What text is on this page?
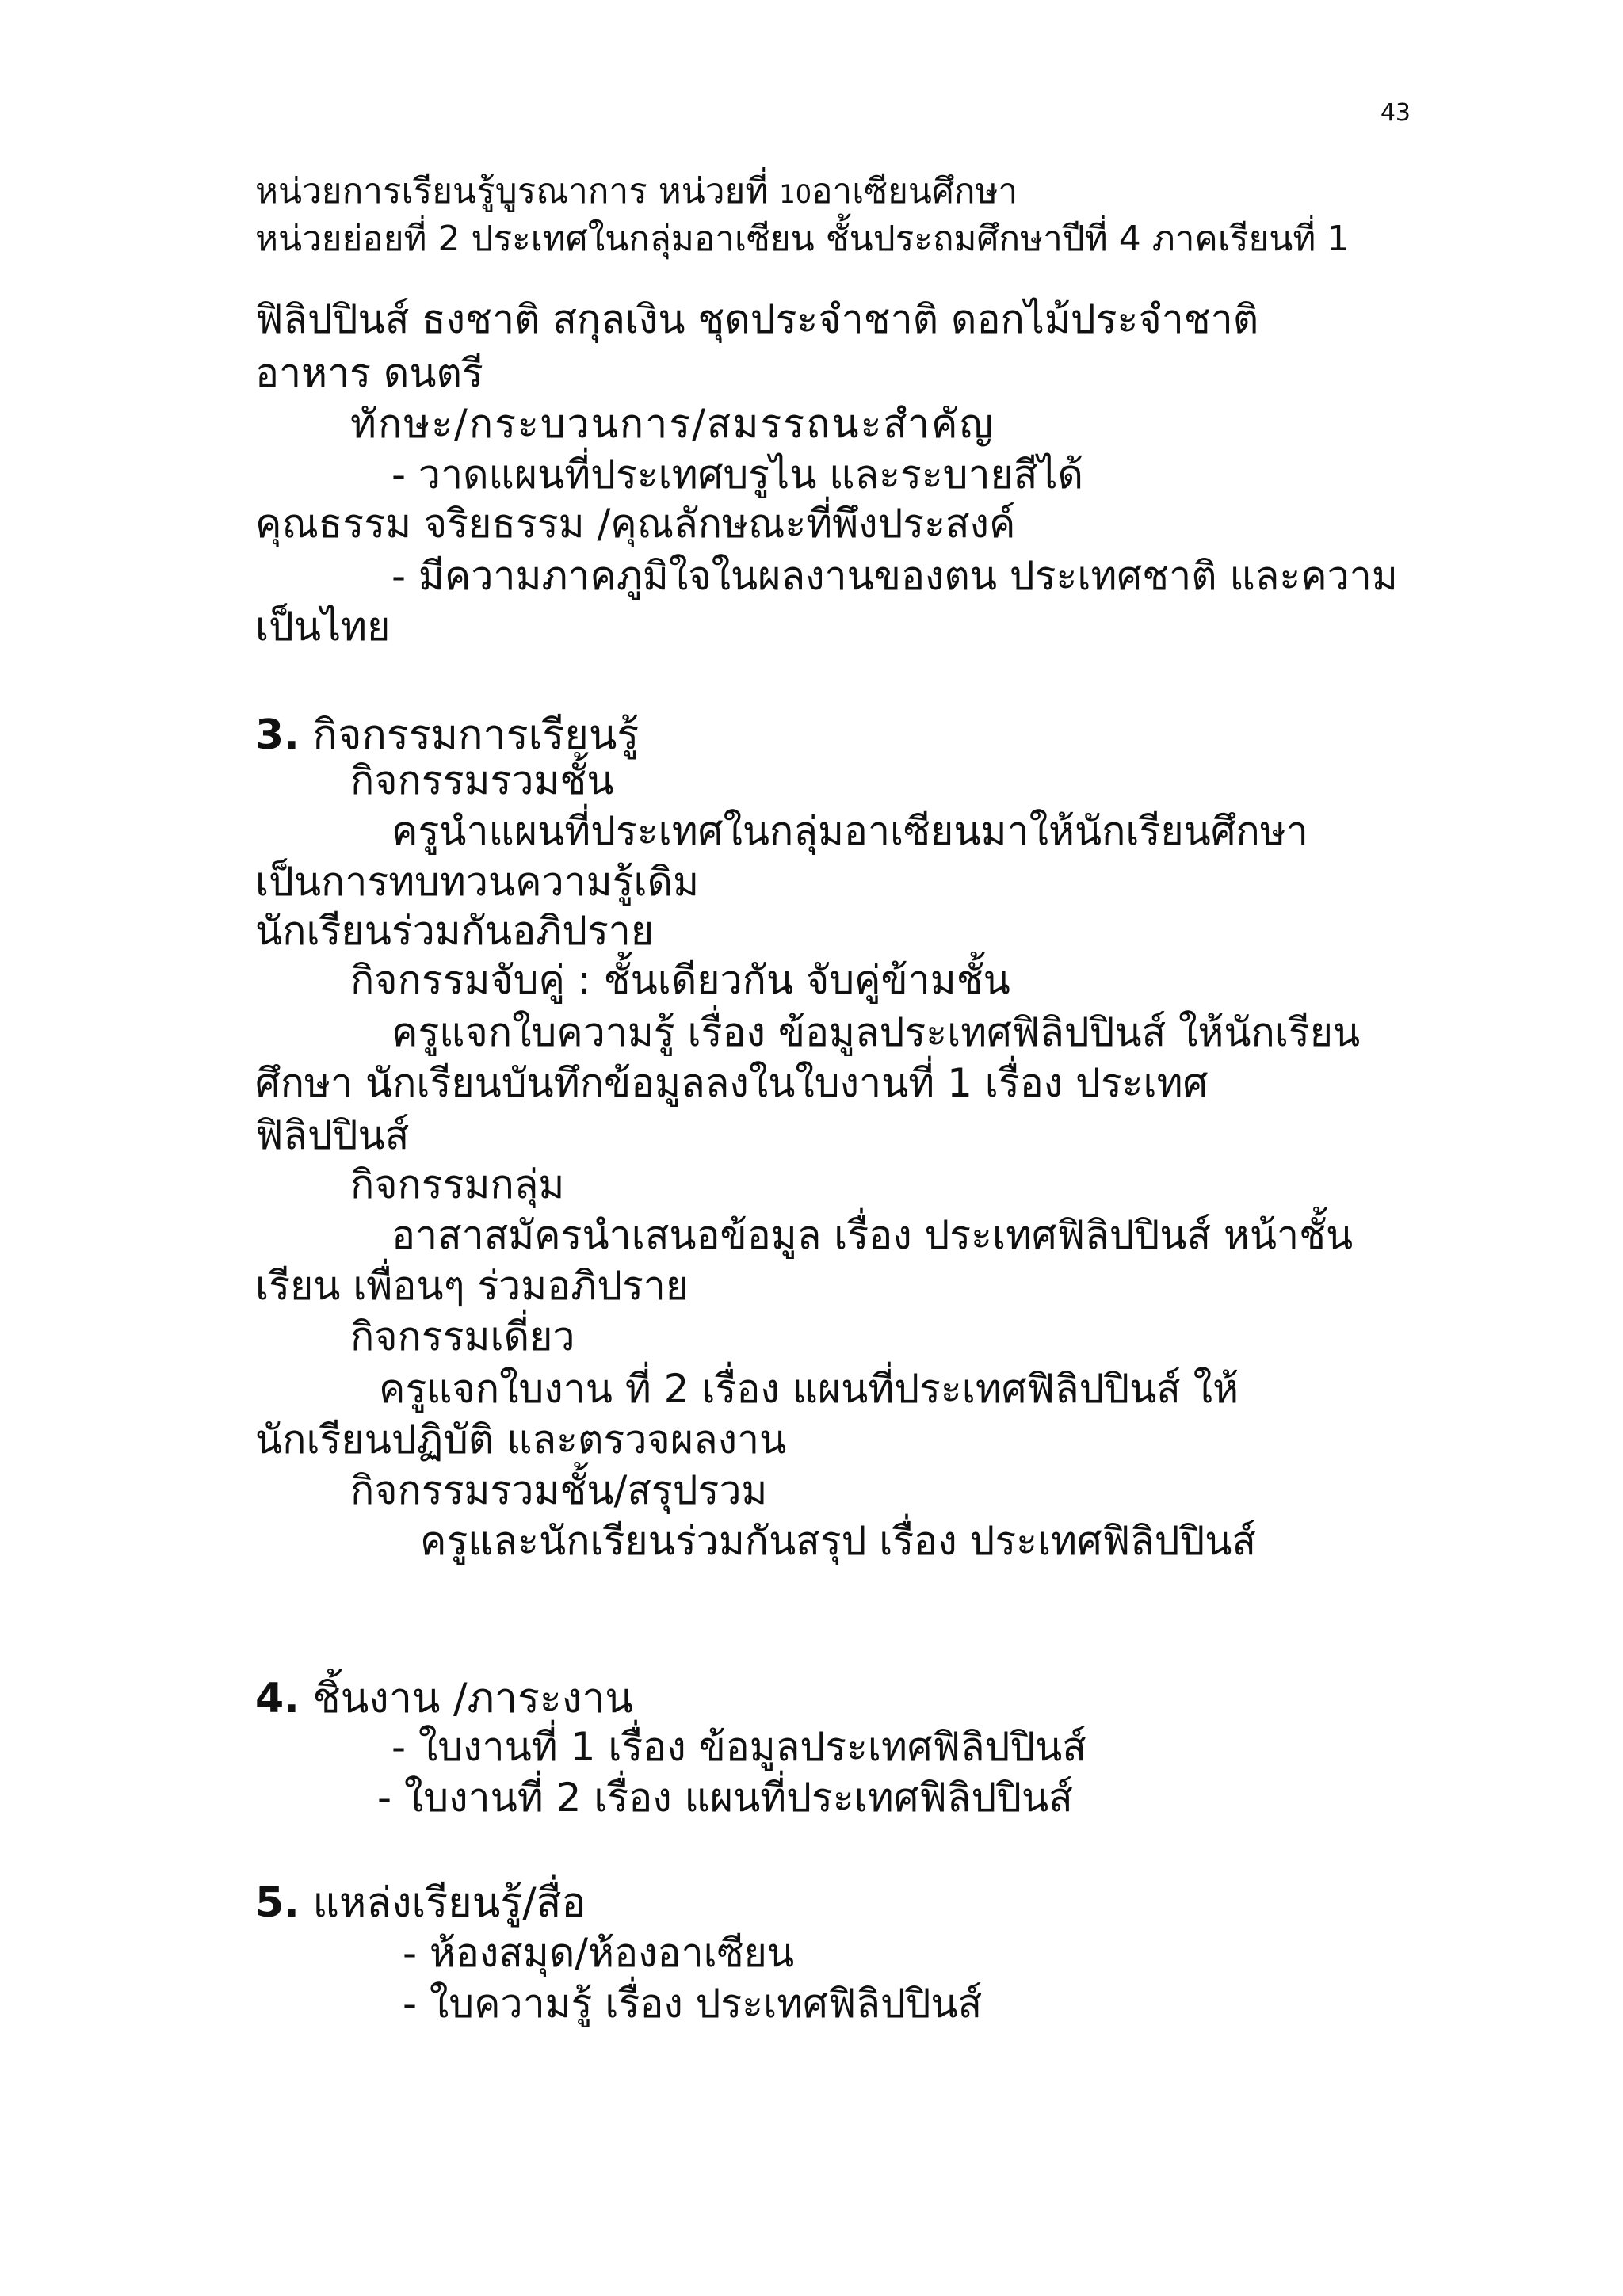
43
หน่วยการเรียนรู้บูรณาการ หน่วยที่ 10อาเซียนศึกษา
หน่วยย่อยที่ 2 ประเทศในกลุ่มอาเซียน ชั้นประถมศึกษาปีที่ 4 ภาคเรียนที่ 1
ฟิลิปปินส์ ธงชาติ สกุลเงิน ชุดประจำชาติ ดอกไม้ประจำชาติ
อาหาร ดนตรี
ทักษะ/กระบวนการ/สมรรถนะสำคัญ
- วาดแผนที่ประเทศบรูไน และระบายสีได้
คุณธรรม จริยธรรม /คุณลักษณะที่พึงประสงค์
- มีความภาคภูมิใจในผลงานของตน ประเทศชาติ และความ
เป็นไทย
3. กิจกรรมการเรียนรู้
กิจกรรมรวมชั้น
ครูนำแผนที่ประเทศในกลุ่มอาเซียนมาให้นักเรียนศึกษา
เป็นการทบทวนความรู้เดิม
นักเรียนร่วมกันอภิปราย
กิจกรรมจับคู่ : ชั้นเดียวกัน จับคู่ข้ามชั้น
ครูแจกใบความรู้ เรื่อง ข้อมูลประเทศฟิลิปปินส์ ให้นักเรียน
ศึกษา นักเรียนบันทึกข้อมูลลงในใบงานที่ 1 เรื่อง ประเทศ
ฟิลิปปินส์
กิจกรรมกลุ่ม
อาสาสมัครนำเสนอข้อมูล เรื่อง ประเทศฟิลิปปินส์ หน้าชั้น
เรียน เพื่อนๆ ร่วมอภิปราย
กิจกรรมเดี่ยว
ครูแจกใบงาน ที่ 2 เรื่อง แผนที่ประเทศฟิลิปปินส์ ให้
นักเรียนปฏิบัติ และตรวจผลงาน
กิจกรรมรวมชั้น/สรุปรวม
ครูและนักเรียนร่วมกันสรุป เรื่อง ประเทศฟิลิปปินส์
4. ชิ้นงาน /ภาระงาน
- ใบงานที่ 1 เรื่อง ข้อมูลประเทศฟิลิปปินส์
- ใบงานที่ 2 เรื่อง แผนที่ประเทศฟิลิปปินส์
5. แหล่งเรียนรู้/สื่อ
- ห้องสมุด/ห้องอาเซียน
- ใบความรู้ เรื่อง ประเทศฟิลิปปินส์
